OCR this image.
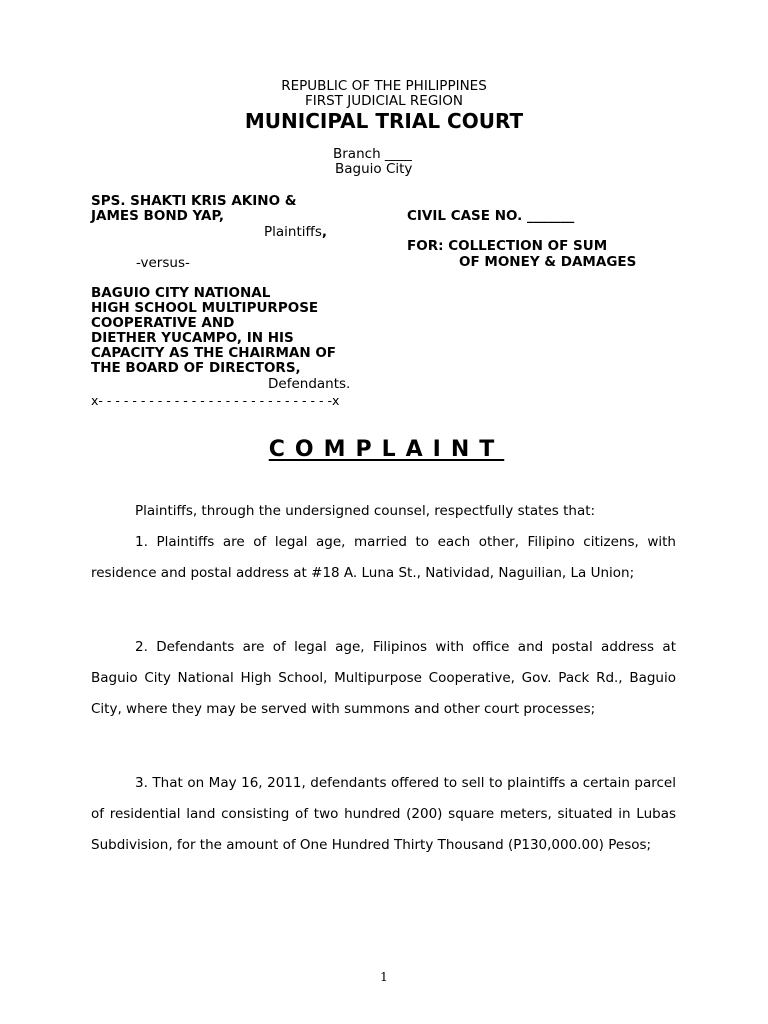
REPUBLIC OF THE PHILIPPINES
FIRST JUDICIAL REGION
MUNICIPAL TRIAL COURT

Branch ____

Baguio City

SPS. SHAKTI KRIS AKINO &
JAMES BOND YAP,
Plaintiffs,
-versus-
BAGUIO CITY NATIONAL
HIGH SCHOOL MULTIPURPOSE
COOPERATIVE AND
DIETHER YUCAMPO, IN HIS
CAPACITY AS THE CHAIRMAN OF
THE BOARD OF DIRECTORS,
Defendants.
x- - - - - - - - - - - - - - - - - - - - - - - - - - - -x
CIVIL CASE NO. _______
FOR: COLLECTION OF SUM
OF MONEY & DAMAGES
COMPLAINT
Plaintiffs, through the undersigned counsel, respectfully states that:
1. Plaintiffs are of legal age, married to each other, Filipino citizens, with residence and postal address at #18 A. Luna St., Natividad, Naguilian, La Union;
2. Defendants are of legal age, Filipinos with office and postal address at Baguio City National High School, Multipurpose Cooperative, Gov. Pack Rd., Baguio City, where they may be served with summons and other court processes;
3. That on May 16, 2011, defendants offered to sell to plaintiffs a certain parcel of residential land consisting of two hundred (200) square meters, situated in Lubas Subdivision, for the amount of One Hundred Thirty Thousand (P130,000.00) Pesos;
1
